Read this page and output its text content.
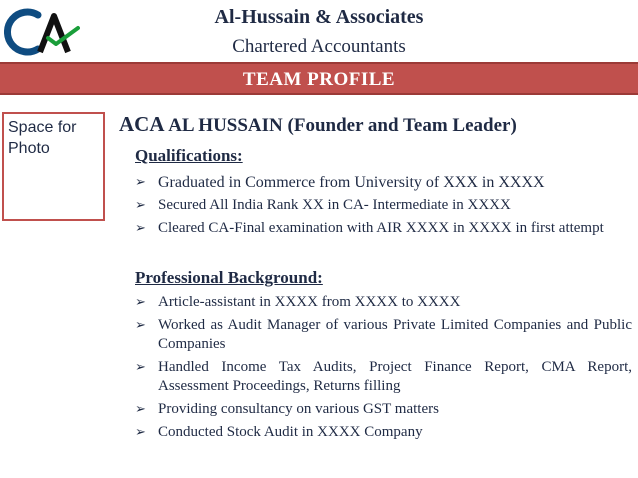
Al-Hussain & Associates
Chartered Accountants
TEAM PROFILE
Space for
Photo
ACA AL HUSSAIN (Founder and Team Leader)
Qualifications:
➢ Graduated in Commerce from University of XXX in XXXX
➢ Secured All India Rank XX in CA- Intermediate in XXXX
➢ Cleared CA-Final examination with AIR XXXX in XXXX in first attempt
Professional Background:
➢ Article-assistant in XXXX from XXXX to XXXX
➢ Worked as Audit Manager of various Private Limited Companies and Public Companies
➢ Handled Income Tax Audits, Project Finance Report, CMA Report, Assessment Proceedings, Returns filling
➢ Providing consultancy on various GST matters
➢ Conducted Stock Audit in XXXX Company
